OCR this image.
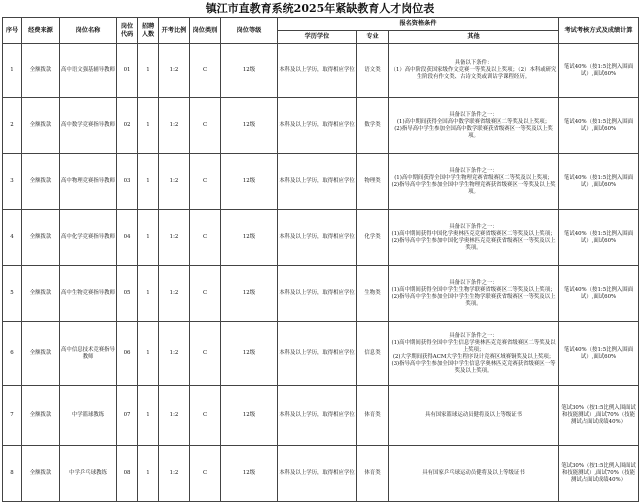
镇江市直教育系统2025年紧缺教育人才岗位表
序号	经费来源	岗位名称	岗位代码	招聘人数	开考比例	岗位类别	岗位等级	报名资格条件			考试考核方式及成绩计算
								学历学位	专业	其他	
1	全额拨款	高中语文强基辅导教师	01	1	1:2	C	12级	本科及以上学历，取得相应学位	语文类	具备以下条件：
（1）高中阶段获国家级作文竞赛一等奖及以上奖项；（2）本科或研究生阶段有作文类、古诗文类或训诂学课程经历。	笔试40%（按1:5比例入围面试）,面试60%
2	全额拨款	高中数学竞赛指导教师	02	1	1:2	C	12级	本科及以上学历，取得相应学位	数学类	具备以下条件之一：
(1)高中期间获得全国高中数学联赛省级赛区二等奖及以上奖项；
(2)指导高中学生参加全国高中数学联赛获省级赛区一等奖及以上奖项。	笔试40%（按1:5比例入围面试）,面试60%
3	全额拨款	高中物理竞赛指导教师	03	1	1:2	C	12级	本科及以上学历，取得相应学位	物理类	具备以下条件之一：
(1)高中期间获得全国中学生物理竞赛省级赛区二等奖及以上奖项；
(2)指导高中学生参加全国中学生物理竞赛获省级赛区一等奖及以上奖项。	笔试40%（按1:5比例入围面试）,面试60%
4	全额拨款	高中化学竞赛指导教师	04	1	1:2	C	12级	本科及以上学历，取得相应学位	化学类	具备以下条件之一：
(1)高中期间获得中国化学奥林匹克竞赛省级赛区二等奖及以上奖项；
(2)指导高中学生参加中国化学奥林匹克竞赛获省级赛区一等奖及以上奖项。	笔试40%（按1:5比例入围面试）,面试60%
5	全额拨款	高中生物竞赛指导教师	05	1	1:2	C	12级	本科及以上学历，取得相应学位	生物类	具备以下条件之一：
(1)高中期间获得全国中学生生物学联赛省级赛区二等奖及以上奖项；
(2)指导高中学生参加全国中学生生物学联赛获省级赛区一等奖及以上奖项。	笔试40%（按1:5比例入围面试）,面试60%
6	全额拨款	高中信息技术竞赛指导教师	06	1	1:2	C	12级	本科及以上学历，取得相应学位	信息类	具备以下条件之一：
(1)高中期间获得全国中学生信息学奥林匹克竞赛省级赛区二等奖及以上奖项；
(2)大学期间获得ACM大学生程序设计竞赛区域赛铜奖及以上奖项；
(3)指导高中学生参加全国中学生信息学奥林匹克竞赛获省级赛区一等奖及以上奖项。	笔试40%（按1:5比例入围面试）,面试60%
7	全额拨款	中学篮球教练	07	1	1:2	C	12级	本科及以上学历，取得相应学位	体育类	具有国家篮球运动员健将及以上等级证书	笔试30%（按1:5比例入围面试和技能测试）,面试70%（技能测试占面试成绩40%）
8	全额拨款	中学乒乓球教练	08	1	1:2	C	12级	本科及以上学历，取得相应学位	体育类	具有国家乒乓球运动员健将及以上等级证书	笔试30%（按1:5比例入围面试和技能测试）,面试70%（技能测试占面试成绩40%）
